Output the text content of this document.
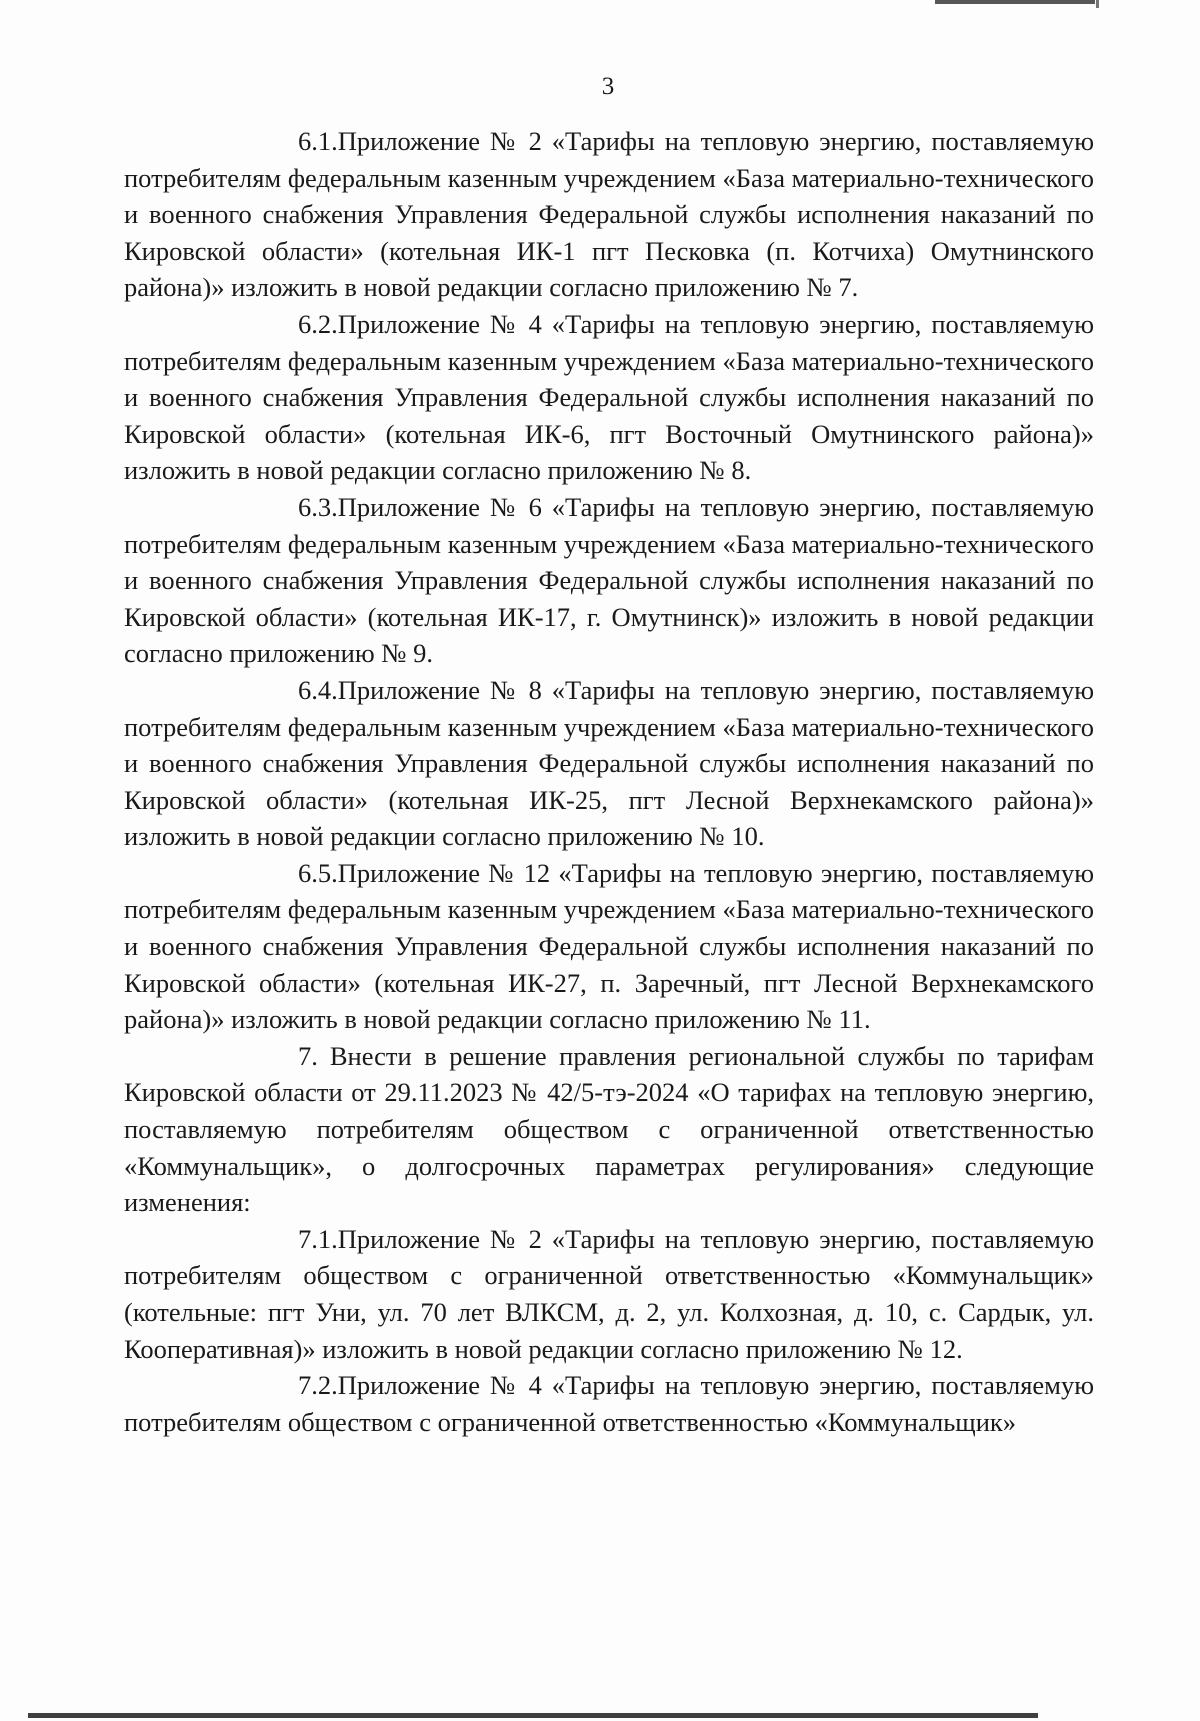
3

6.1.Приложение № 2 «Тарифы на тепловую энергию, поставляемую потребителям федеральным казенным учреждением «База материально-технического и военного снабжения Управления Федеральной службы исполнения наказаний по Кировской области» (котельная ИК-1 пгт Песковка (п. Котчиха) Омутнинского района)» изложить в новой редакции согласно приложению № 7.

6.2.Приложение № 4 «Тарифы на тепловую энергию, поставляемую потребителям федеральным казенным учреждением «База материально-технического и военного снабжения Управления Федеральной службы исполнения наказаний по Кировской области» (котельная ИК-6, пгт Восточный Омутнинского района)» изложить в новой редакции согласно приложению № 8.

6.3.Приложение № 6 «Тарифы на тепловую энергию, поставляемую потребителям федеральным казенным учреждением «База материально-технического и военного снабжения Управления Федеральной службы исполнения наказаний по Кировской области» (котельная ИК-17, г. Омутнинск)» изложить в новой редакции согласно приложению № 9.

6.4.Приложение № 8 «Тарифы на тепловую энергию, поставляемую потребителям федеральным казенным учреждением «База материально-технического и военного снабжения Управления Федеральной службы исполнения наказаний по Кировской области» (котельная ИК-25, пгт Лесной Верхнекамского района)» изложить в новой редакции согласно приложению № 10.

6.5.Приложение № 12 «Тарифы на тепловую энергию, поставляемую потребителям федеральным казенным учреждением «База материально-технического и военного снабжения Управления Федеральной службы исполнения наказаний по Кировской области» (котельная ИК-27, п. Заречный, пгт Лесной Верхнекамского района)» изложить в новой редакции согласно приложению № 11.

7. Внести в решение правления региональной службы по тарифам Кировской области от 29.11.2023 № 42/5-тэ-2024 «О тарифах на тепловую энергию, поставляемую потребителям обществом с ограниченной ответственностью «Коммунальщик», о долгосрочных параметрах регулирования» следующие изменения:

7.1.Приложение № 2 «Тарифы на тепловую энергию, поставляемую потребителям обществом с ограниченной ответственностью «Коммунальщик» (котельные: пгт Уни, ул. 70 лет ВЛКСМ, д. 2, ул. Колхозная, д. 10, с. Сардык, ул. Кооперативная)» изложить в новой редакции согласно приложению № 12.

7.2.Приложение № 4 «Тарифы на тепловую энергию, поставляемую потребителям обществом с ограниченной ответственностью «Коммунальщик»
